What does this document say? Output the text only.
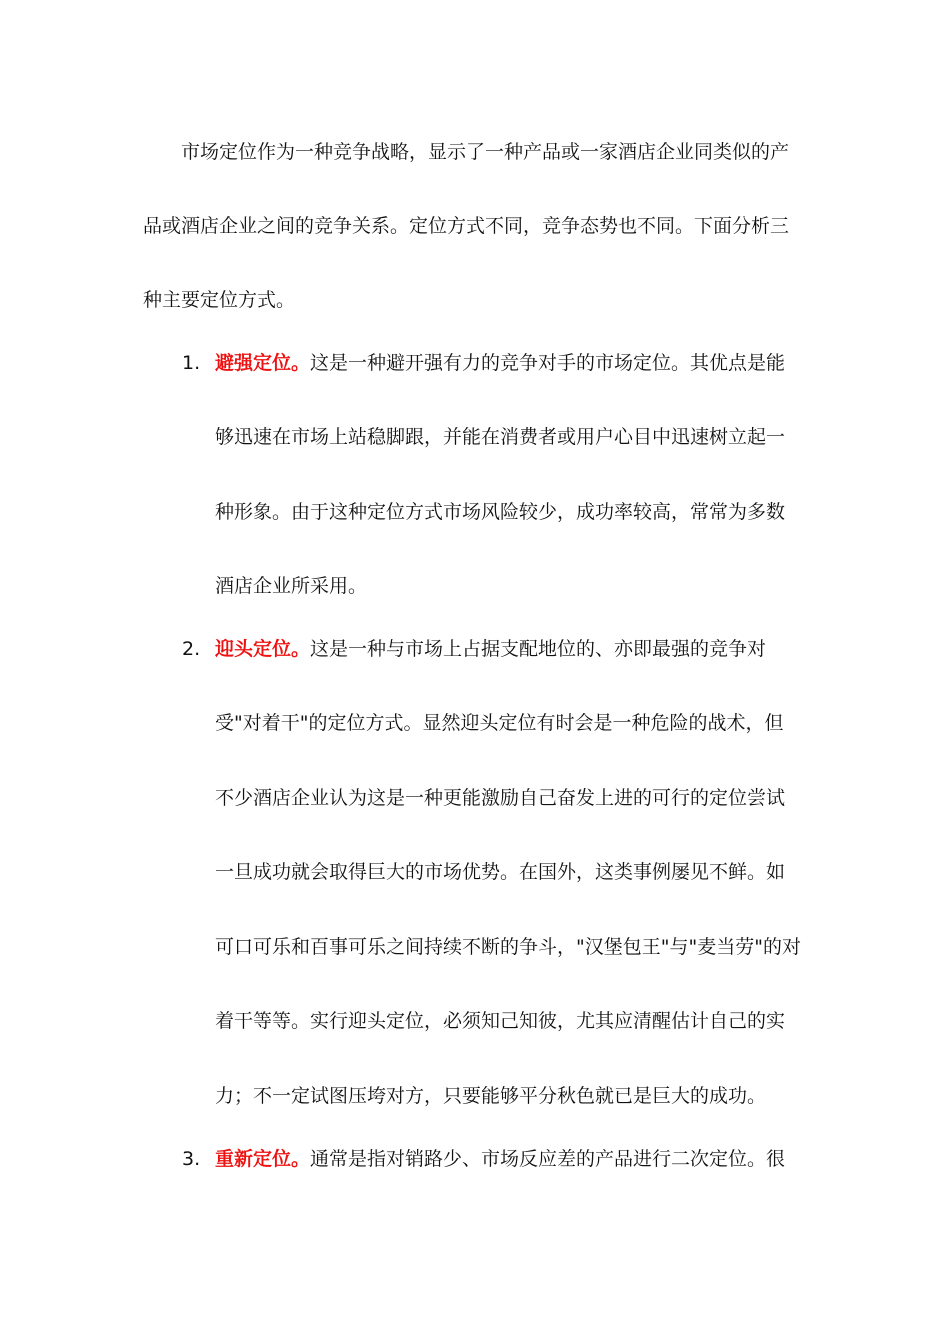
市场定位作为一种竞争战略，显示了一种产品或一家酒店企业同类似的产
品或酒店企业之间的竞争关系。定位方式不同，竞争态势也不同。下面分析三
种主要定位方式。
1. 避强定位。这是一种避开强有力的竞争对手的市场定位。其优点是能
够迅速在市场上站稳脚跟，并能在消费者或用户心目中迅速树立起一
种形象。由于这种定位方式市场风险较少，成功率较高，常常为多数
酒店企业所采用。
2. 迎头定位。这是一种与市场上占据支配地位的、亦即最强的竞争对
受"对着干"的定位方式。显然迎头定位有时会是一种危险的战术，但
不少酒店企业认为这是一种更能激励自己奋发上进的可行的定位尝试
一旦成功就会取得巨大的市场优势。在国外，这类事例屡见不鲜。如
可口可乐和百事可乐之间持续不断的争斗，"汉堡包王"与"麦当劳"的对
着干等等。实行迎头定位，必须知己知彼，尤其应清醒估计自己的实
力；不一定试图压垮对方，只要能够平分秋色就已是巨大的成功。
3. 重新定位。通常是指对销路少、市场反应差的产品进行二次定位。很
